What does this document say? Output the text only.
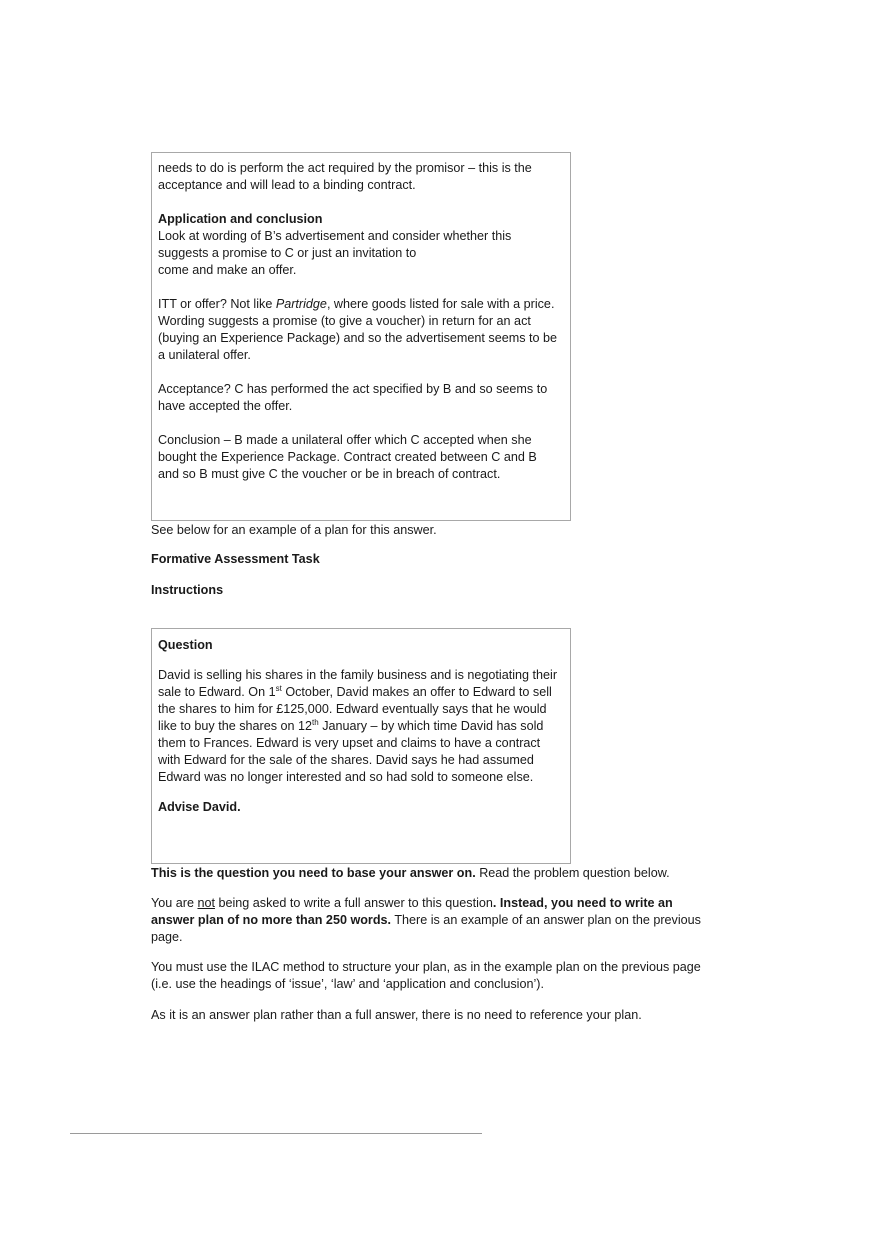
needs to do is perform the act required by the promisor – this is the
acceptance and will lead to a binding contract.

Application and conclusion
Look at wording of B’s advertisement and consider whether this
suggests a promise to C or just an invitation to
come and make an offer.

ITT or offer? Not like Partridge, where goods listed for sale with a price.
Wording suggests a promise (to give a voucher) in return for an act
(buying an Experience Package) and so the advertisement seems to be
a unilateral offer.

Acceptance? C has performed the act specified by B and so seems to
have accepted the offer.

Conclusion – B made a unilateral offer which C accepted when she
bought the Experience Package. Contract created between C and B
and so B must give C the voucher or be in breach of contract.

See below for an example of a plan for this answer.

Formative Assessment Task

Instructions

Question

David is selling his shares in the family business and is negotiating their
sale to Edward. On 1st October, David makes an offer to Edward to sell
the shares to him for £125,000. Edward eventually says that he would
like to buy the shares on 12th January – by which time David has sold
them to Frances. Edward is very upset and claims to have a contract
with Edward for the sale of the shares. David says he had assumed
Edward was no longer interested and so had sold to someone else.

Advise David.

This is the question you need to base your answer on. Read the problem question below.

You are not being asked to write a full answer to this question. Instead, you need to write an
answer plan of no more than 250 words. There is an example of an answer plan on the previous
page.

You must use the ILAC method to structure your plan, as in the example plan on the previous page
(i.e. use the headings of ‘issue’, ‘law’ and ‘application and conclusion’).

As it is an answer plan rather than a full answer, there is no need to reference your plan.
